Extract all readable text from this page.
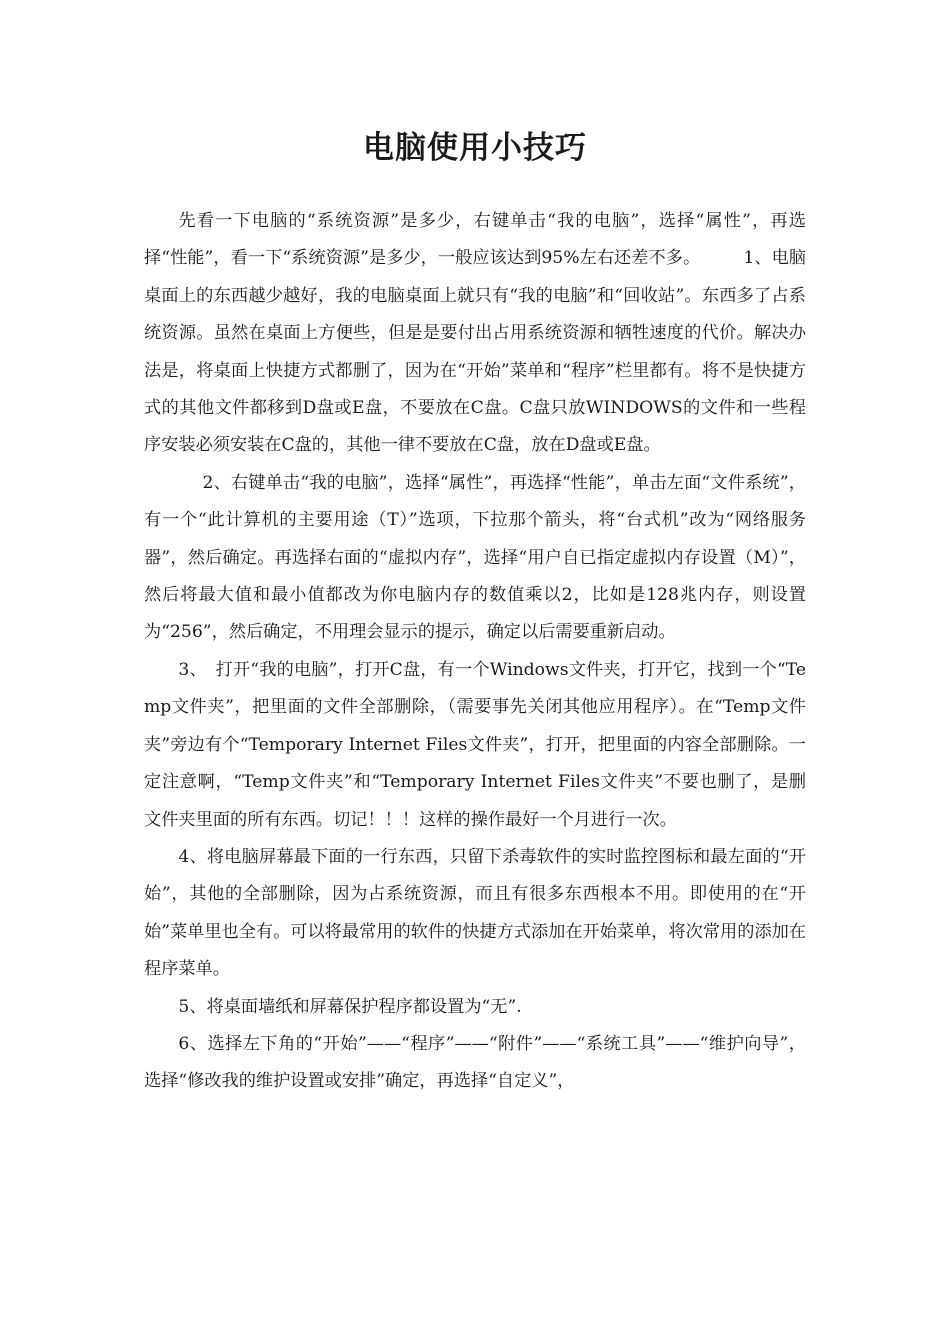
电脑使用小技巧

先看一下电脑的“系统资源”是多少，右键单击“我的电脑”，选择“属性”，再选择“性能”，看一下“系统资源”是多少，一般应该达到95%左右还差不多。　　　1、电脑桌面上的东西越少越好，我的电脑桌面上就只有“我的电脑”和“回收站”。东西多了占系统资源。虽然在桌面上方便些，但是是要付出占用系统资源和牺牲速度的代价。解决办法是，将桌面上快捷方式都删了，因为在“开始”菜单和“程序”栏里都有。将不是快捷方式的其他文件都移到D盘或E盘，不要放在C盘。C盘只放WINDOWS的文件和一些程序安装必须安装在C盘的，其他一律不要放在C盘，放在D盘或E盘。

2、右键单击“我的电脑”，选择“属性”，再选择“性能”，单击左面“文件系统”，有一个“此计算机的主要用途（T）”选项，下拉那个箭头，将“台式机”改为“网络服务器”，然后确定。再选择右面的“虚拟内存”，选择“用户自已指定虚拟内存设置（M）”，然后将最大值和最小值都改为你电脑内存的数值乘以2，比如是128兆内存，则设置为“256”，然后确定，不用理会显示的提示，确定以后需要重新启动。

3、　打开“我的电脑”，打开C盘，有一个Windows文件夹，打开它，找到一个“Temp文件夹”，把里面的文件全部删除，（需要事先关闭其他应用程序）。在“Temp文件夹”旁边有个“Temporary Internet Files文件夹”，打开，把里面的内容全部删除。一定注意啊，“Temp文件夹”和“Temporary Internet Files文件夹”不要也删了，是删文件夹里面的所有东西。切记！！！这样的操作最好一个月进行一次。

4、将电脑屏幕最下面的一行东西，只留下杀毒软件的实时监控图标和最左面的“开始”，其他的全部删除，因为占系统资源，而且有很多东西根本不用。即使用的在“开始”菜单里也全有。可以将最常用的软件的快捷方式添加在开始菜单，将次常用的添加在程序菜单。

5、将桌面墙纸和屏幕保护程序都设置为“无”.

6、选择左下角的“开始”——“程序”——“附件”——“系统工具”——“维护向导”，选择“修改我的维护设置或安排”确定，再选择“自定义”，
